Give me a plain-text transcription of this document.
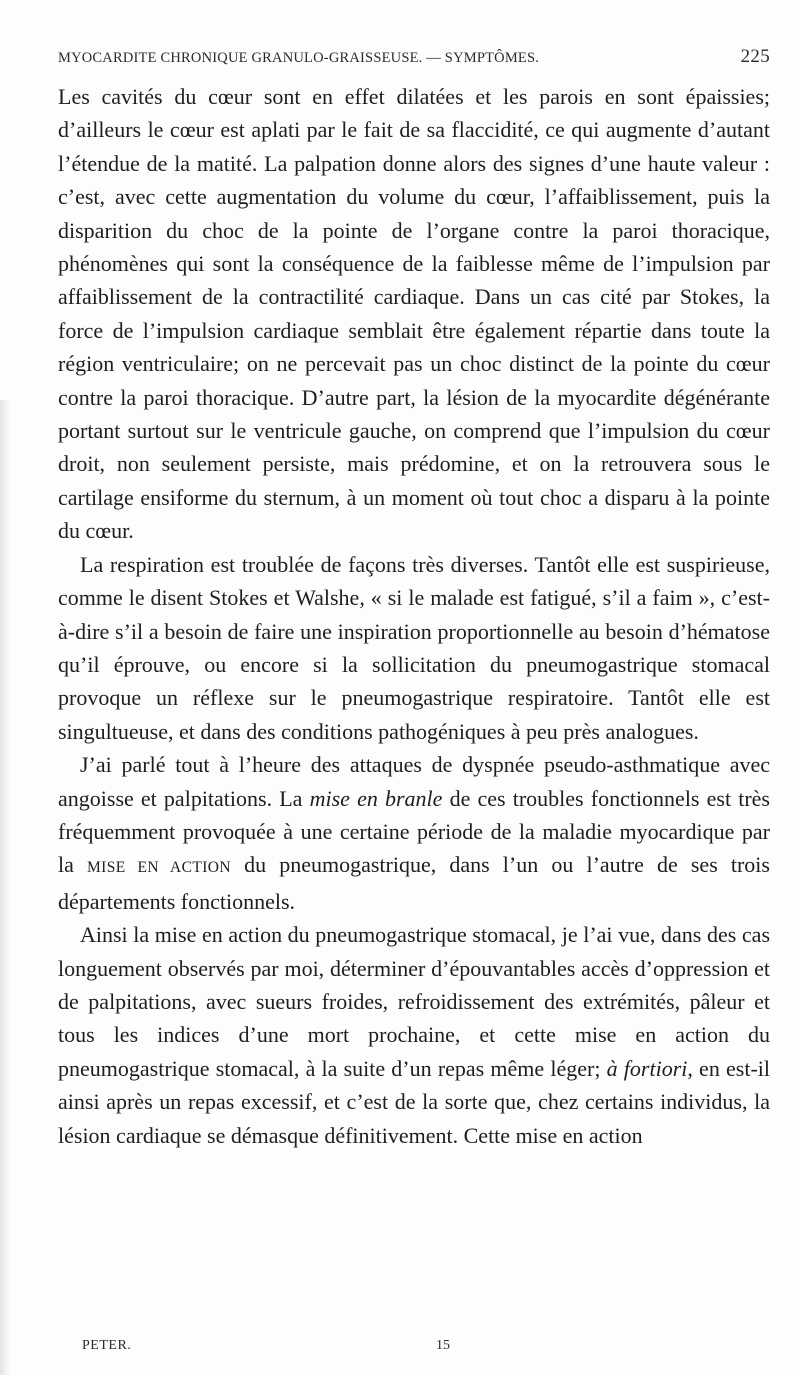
MYOCARDITE CHRONIQUE GRANULO-GRAISSEUSE. — SYMPTÔMES.	225

Les cavités du cœur sont en effet dilatées et les parois en sont épaissies; d’ailleurs le cœur est aplati par le fait de sa flaccidité, ce qui augmente d’autant l’étendue de la matité. La palpation donne alors des signes d’une haute valeur : c’est, avec cette augmentation du volume du cœur, l’affaiblissement, puis la disparition du choc de la pointe de l’organe contre la paroi thoracique, phénomènes qui sont la conséquence de la faiblesse même de l’impulsion par affaiblissement de la contractilité cardiaque. Dans un cas cité par Stokes, la force de l’impulsion cardiaque semblait être également répartie dans toute la région ventriculaire; on ne percevait pas un choc distinct de la pointe du cœur contre la paroi thoracique. D’autre part, la lésion de la myocardite dégénérante portant surtout sur le ventricule gauche, on comprend que l’impulsion du cœur droit, non seulement persiste, mais prédomine, et on la retrouvera sous le cartilage ensiforme du sternum, à un moment où tout choc a disparu à la pointe du cœur.

La respiration est troublée de façons très diverses. Tantôt elle est suspirieuse, comme le disent Stokes et Walshe, « si le malade est fatigué, s’il a faim », c’est-à-dire s’il a besoin de faire une inspiration proportionnelle au besoin d’hématose qu’il éprouve, ou encore si la sollicitation du pneumogastrique stomacal provoque un réflexe sur le pneumogastrique respiratoire. Tantôt elle est singultueuse, et dans des conditions pathogéniques à peu près analogues.

J’ai parlé tout à l’heure des attaques de dyspnée pseudo-asthmatique avec angoisse et palpitations. La mise en branle de ces troubles fonctionnels est très fréquemment provoquée à une certaine période de la maladie myocardique par la MISE EN ACTION du pneumogastrique, dans l’un ou l’autre de ses trois départements fonctionnels.

Ainsi la mise en action du pneumogastrique stomacal, je l’ai vue, dans des cas longuement observés par moi, déterminer d’épouvantables accès d’oppression et de palpitations, avec sueurs froides, refroidissement des extrémités, pâleur et tous les indices d’une mort prochaine, et cette mise en action du pneumogastrique stomacal, à la suite d’un repas même léger; à fortiori, en est-il ainsi après un repas excessif, et c’est de la sorte que, chez certains individus, la lésion cardiaque se démasque définitivement. Cette mise en action

PETER.	15
